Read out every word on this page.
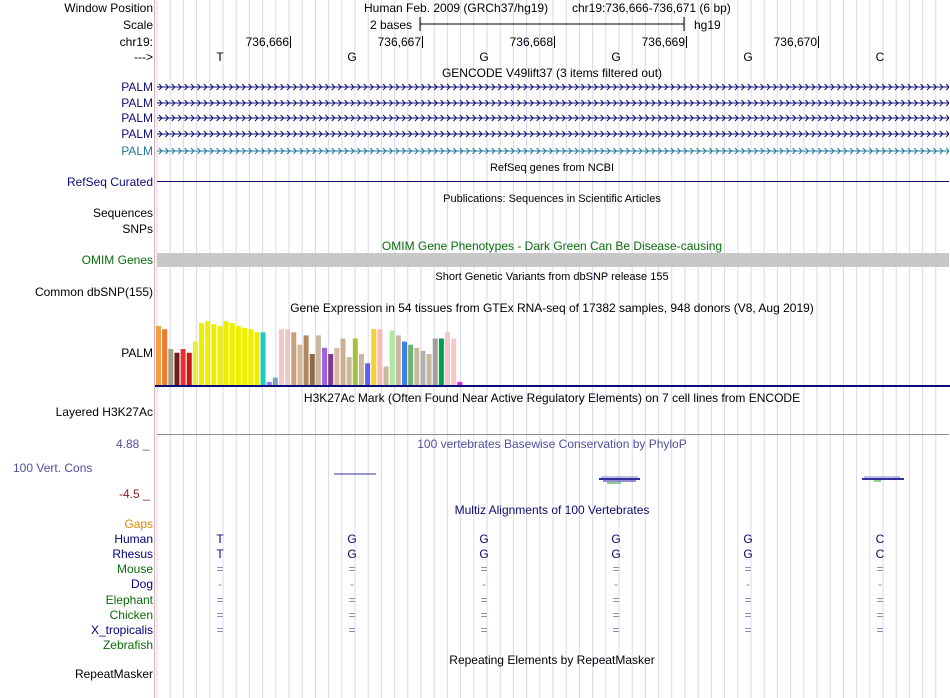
Window Position	Human Feb. 2009 (GRCh37/hg19) chr19:736,666-736,671 (6 bp)
Scale	2 bases	hg19
chr19:	736,666	736,667	736,668	736,669	736,670
--->	T	G	G	G	G	C
GENCODE V49lift37 (3 items filtered out)
PALM
PALM
PALM
PALM
PALM
RefSeq genes from NCBI
RefSeq Curated
Publications: Sequences in Scientific Articles
Sequences
SNPs
OMIM Gene Phenotypes - Dark Green Can Be Disease-causing
OMIM Genes
Short Genetic Variants from dbSNP release 155
Common dbSNP(155)
Gene Expression in 54 tissues from GTEx RNA-seq of 17382 samples, 948 donors (V8, Aug 2019)
PALM
H3K27Ac Mark (Often Found Near Active Regulatory Elements) on 7 cell lines from ENCODE
Layered H3K27Ac
4.88 _	100 vertebrates Basewise Conservation by PhyloP
100 Vert. Cons
-4.5 _
Multiz Alignments of 100 Vertebrates
Gaps
Human	T	G	G	G	G	C
Rhesus	T	G	G	G	G	C
Mouse	=	=	=	=	=	=
Dog	-	-	-	-	-	-
Elephant	=	=	=	=	=	=
Chicken	=	=	=	=	=	=
X_tropicalis	=	=	=	=	=	=
Zebrafish
Repeating Elements by RepeatMasker
RepeatMasker
